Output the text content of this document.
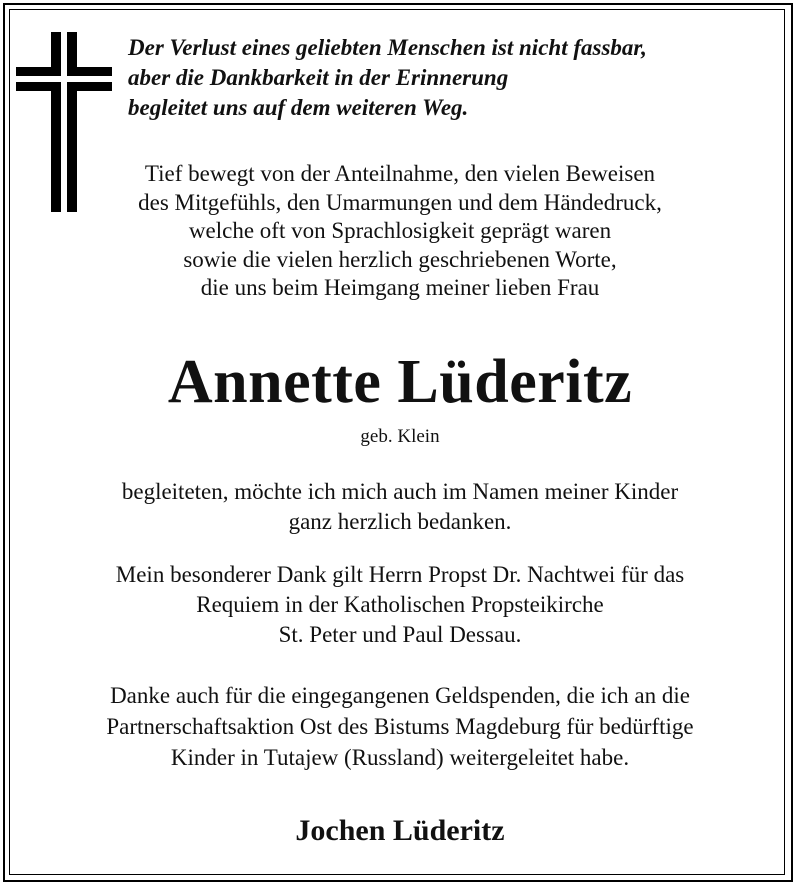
Der Verlust eines geliebten Menschen ist nicht fassbar,
aber die Dankbarkeit in der Erinnerung
begleitet uns auf dem weiteren Weg.
Tief bewegt von der Anteilnahme, den vielen Beweisen
des Mitgefühls, den Umarmungen und dem Händedruck,
welche oft von Sprachlosigkeit geprägt waren
sowie die vielen herzlich geschriebenen Worte,
die uns beim Heimgang meiner lieben Frau
Annette Lüderitz
geb. Klein
begleiteten, möchte ich mich auch im Namen meiner Kinder
ganz herzlich bedanken.
Mein besonderer Dank gilt Herrn Propst Dr. Nachtwei für das
Requiem in der Katholischen Propsteikirche
St. Peter und Paul Dessau.
Danke auch für die eingegangenen Geldspenden, die ich an die
Partnerschaftsaktion Ost des Bistums Magdeburg für bedürftige
Kinder in Tutajew (Russland) weitergeleitet habe.
Jochen Lüderitz
